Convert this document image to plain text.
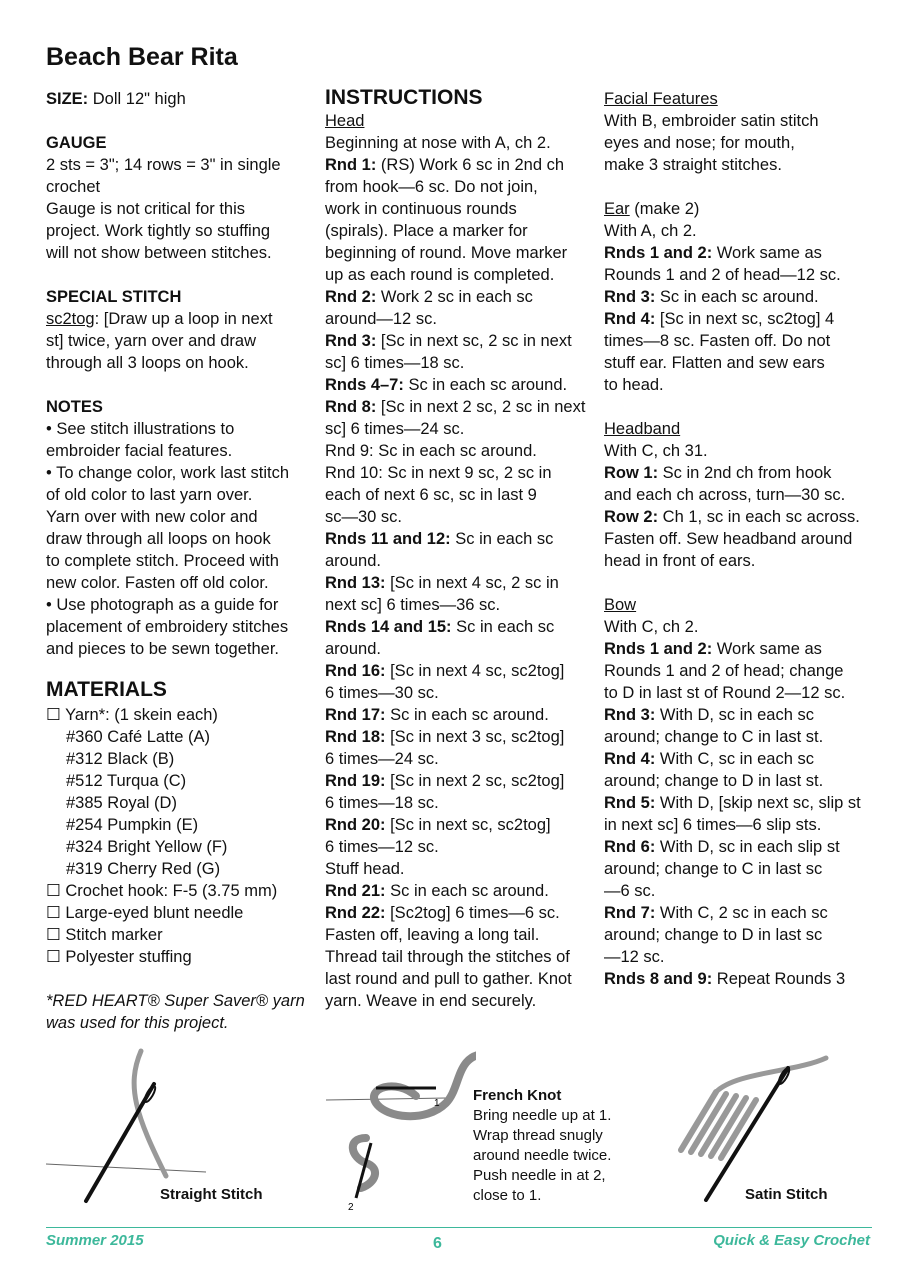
Beach Bear Rita

SIZE: Doll 12" high

GAUGE

2 sts = 3"; 14 rows = 3" in single

crochet

Gauge is not critical for this

project. Work tightly so stuffing

will not show between stitches.

SPECIAL STITCH

sc2tog: [Draw up a loop in next

st] twice, yarn over and draw

through all 3 loops on hook.

NOTES

• See stitch illustrations to

embroider facial features.

• To change color, work last stitch

of old color to last yarn over.

Yarn over with new color and

draw through all loops on hook

to complete stitch. Proceed with

new color. Fasten off old color.

• Use photograph as a guide for

placement of embroidery stitches

and pieces to be sewn together.

MATERIALS

☐ Yarn*: (1 skein each)

#360 Café Latte (A)

#312 Black (B)

#512 Turqua (C)

#385 Royal (D)

#254 Pumpkin (E)

#324 Bright Yellow (F)

#319 Cherry Red (G)

☐ Crochet hook: F-5 (3.75 mm)

☐ Large-eyed blunt needle

☐ Stitch marker

☐ Polyester stuffing

*RED HEART® Super Saver® yarn

was used for this project.

INSTRUCTIONS

Head

Beginning at nose with A, ch 2.

Rnd 1: (RS) Work 6 sc in 2nd ch

from hook—6 sc. Do not join,

work in continuous rounds

(spirals). Place a marker for

beginning of round. Move marker

up as each round is completed.

Rnd 2: Work 2 sc in each sc

around—12 sc.

Rnd 3: [Sc in next sc, 2 sc in next

sc] 6 times—18 sc.

Rnds 4–7: Sc in each sc around.

Rnd 8: [Sc in next 2 sc, 2 sc in next

sc] 6 times—24 sc.

Rnd 9: Sc in each sc around.

Rnd 10: Sc in next 9 sc, 2 sc in

each of next 6 sc, sc in last 9

sc—30 sc.

Rnds 11 and 12: Sc in each sc

around.

Rnd 13: [Sc in next 4 sc, 2 sc in

next sc] 6 times—36 sc.

Rnds 14 and 15: Sc in each sc

around.

Rnd 16: [Sc in next 4 sc, sc2tog]

6 times—30 sc.

Rnd 17: Sc in each sc around.

Rnd 18: [Sc in next 3 sc, sc2tog]

6 times—24 sc.

Rnd 19: [Sc in next 2 sc, sc2tog]

6 times—18 sc.

Rnd 20: [Sc in next sc, sc2tog]

6 times—12 sc.

Stuff head.

Rnd 21: Sc in each sc around.

Rnd 22: [Sc2tog] 6 times—6 sc.

Fasten off, leaving a long tail.

Thread tail through the stitches of

last round and pull to gather. Knot

yarn. Weave in end securely.

Facial Features

With B, embroider satin stitch

eyes and nose; for mouth,

make 3 straight stitches.

Ear (make 2)

With A, ch 2.

Rnds 1 and 2: Work same as

Rounds 1 and 2 of head—12 sc.

Rnd 3: Sc in each sc around.

Rnd 4: [Sc in next sc, sc2tog] 4

times—8 sc. Fasten off. Do not

stuff ear. Flatten and sew ears

to head.

Headband

With C, ch 31.

Row 1: Sc in 2nd ch from hook

and each ch across, turn—30 sc.

Row 2: Ch 1, sc in each sc across.

Fasten off. Sew headband around

head in front of ears.

Bow

With C, ch 2.

Rnds 1 and 2: Work same as

Rounds 1 and 2 of head; change

to D in last st of Round 2—12 sc.

Rnd 3: With D, sc in each sc

around; change to C in last st.

Rnd 4: With C, sc in each sc

around; change to D in last st.

Rnd 5: With D, [skip next sc, slip st

in next sc] 6 times—6 slip sts.

Rnd 6: With D, sc in each slip st

around; change to C in last sc

—6 sc.

Rnd 7: With C, 2 sc in each sc

around; change to D in last sc

—12 sc.

Rnds 8 and 9: Repeat Rounds 3

Straight Stitch
1
2
French Knot
Bring needle up at 1.
Wrap thread snugly
around needle twice.
Push needle in at 2,
close to 1.	Satin Stitch
Summer 2015	6	Quick & Easy Crochet
